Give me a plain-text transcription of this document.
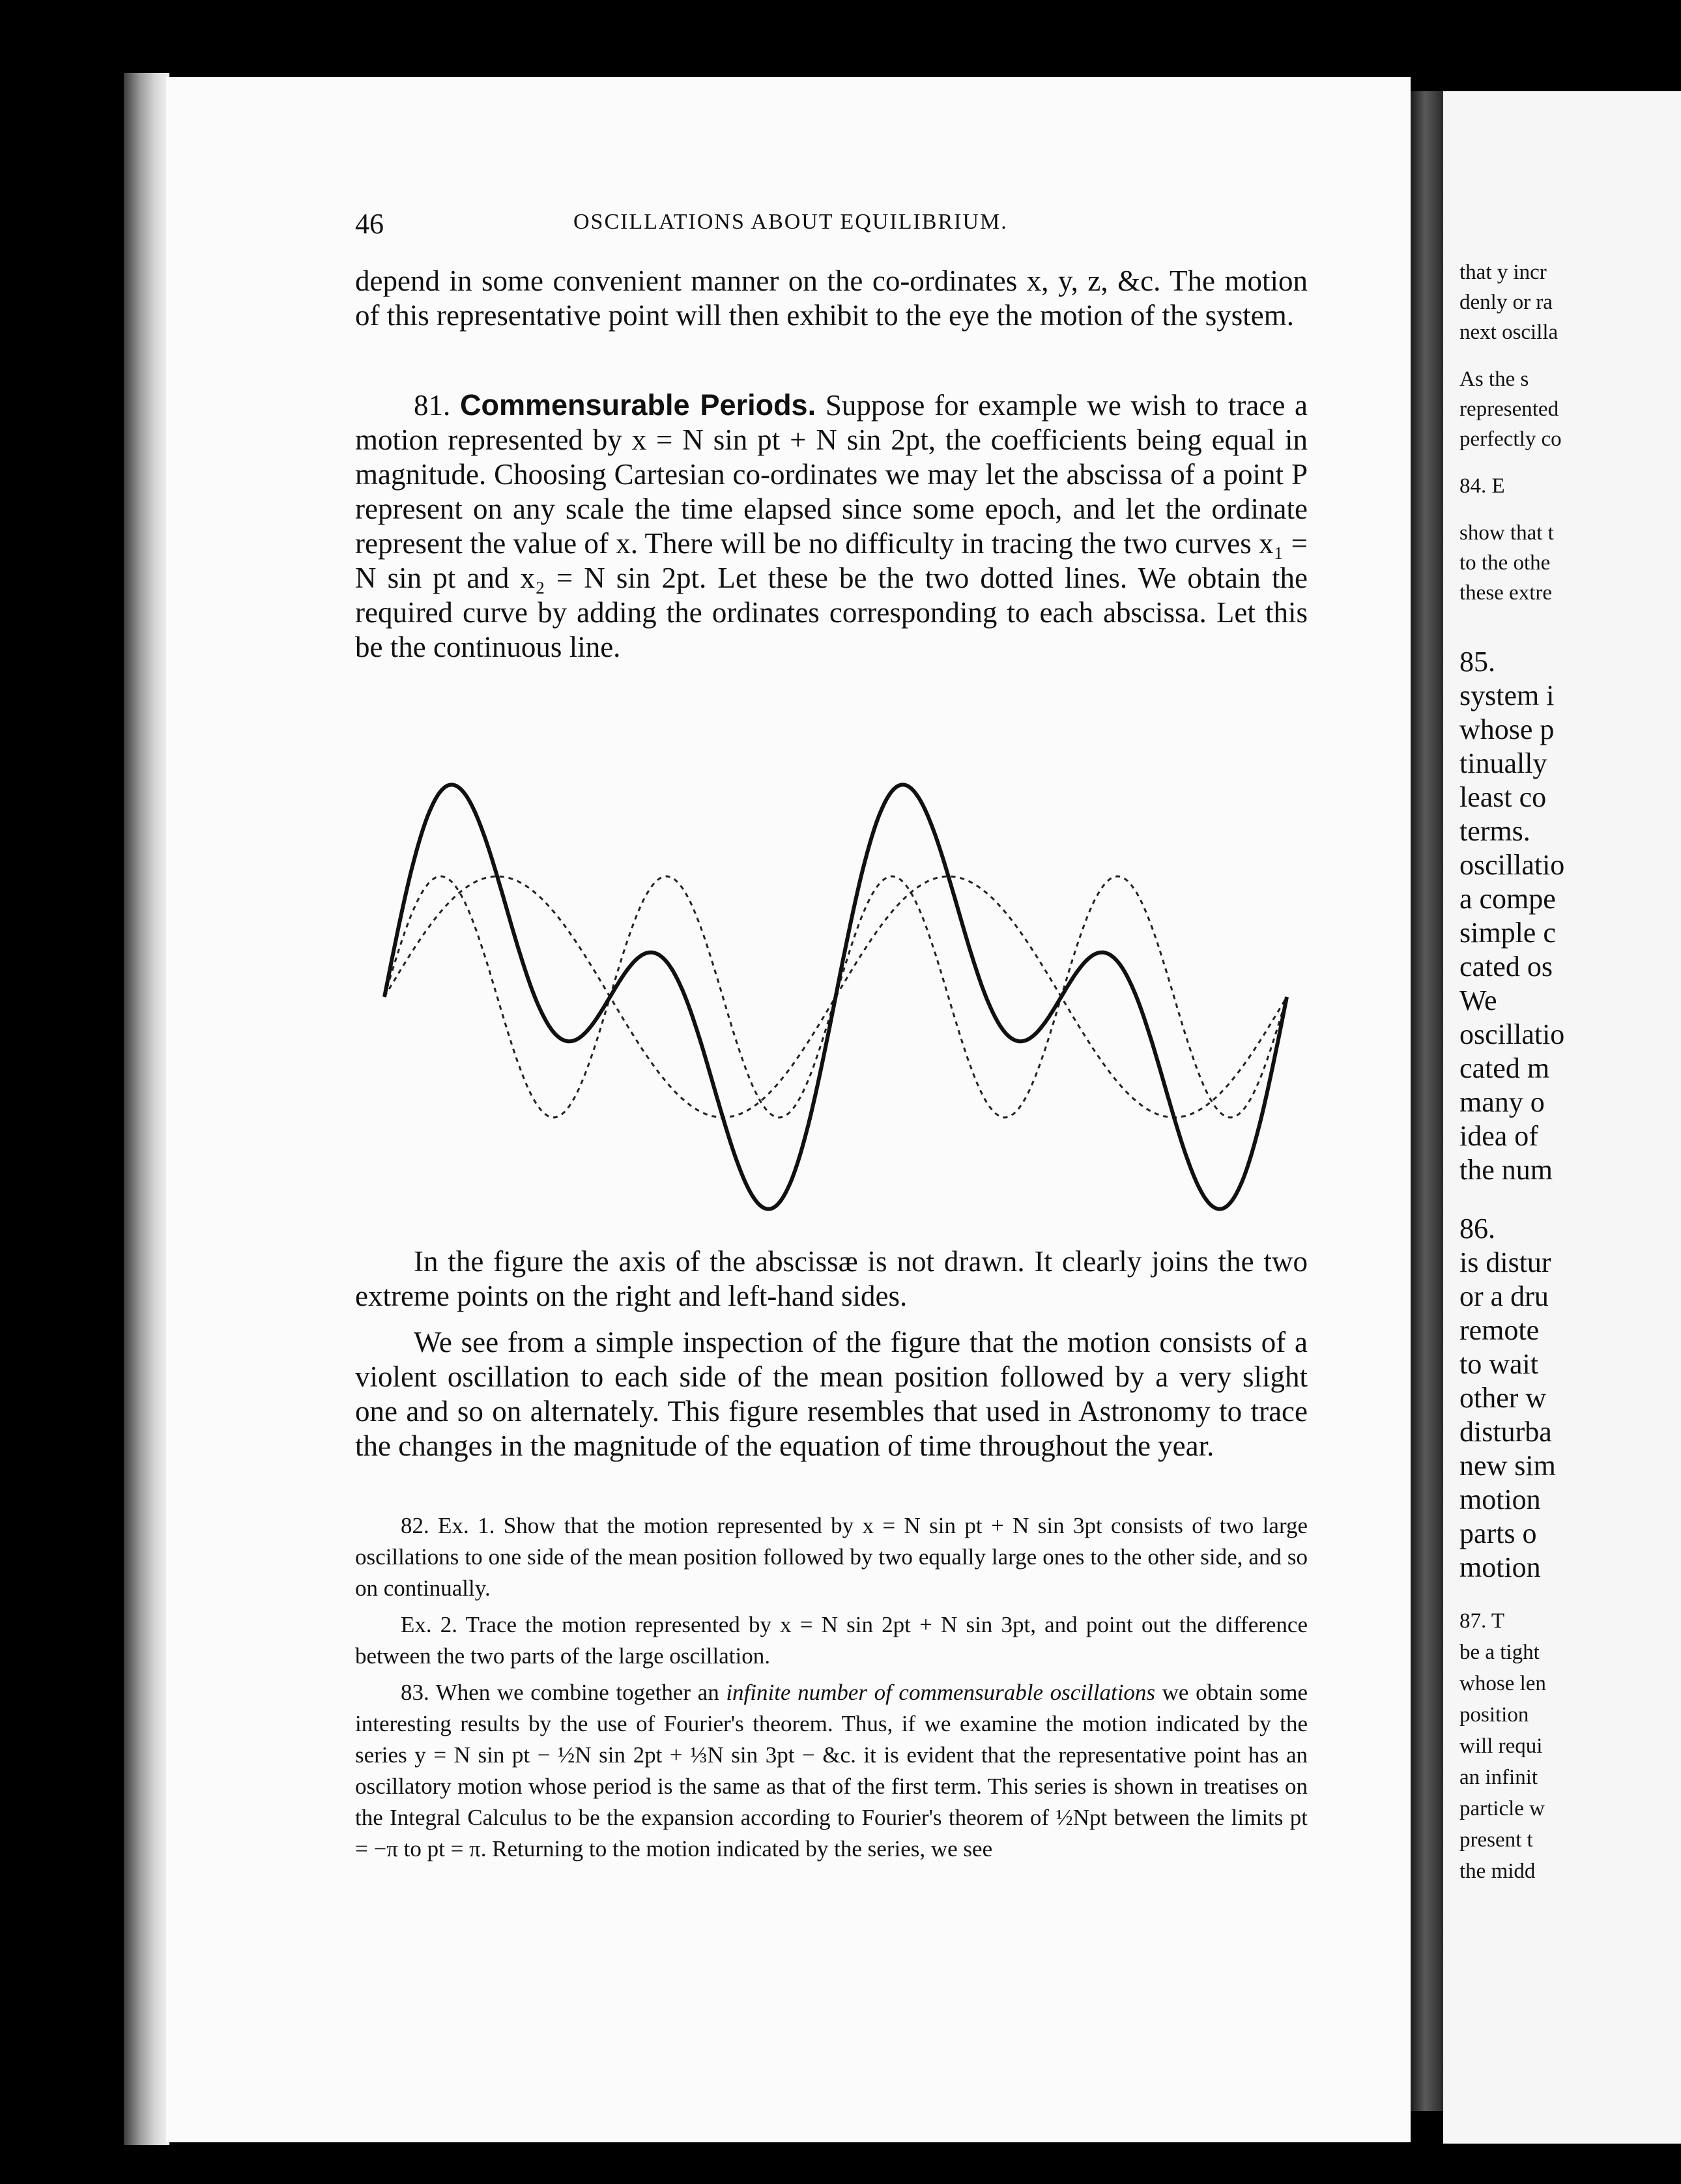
that y incr
denly or ra
next oscilla
As the s
represented
perfectly co
84. E
show that t
to the othe
these extre
85.
system i
whose p
tinually
least co
terms.
oscillatio
a compe
simple c
cated os
We
oscillatio
cated m
many o
idea of
the num
86.
is distur
or a dru
remote
to wait
other w
disturba
new sim
motion
parts o
motion
87. T
be a tight
whose len
position
will requi
an infinit
particle w
present t
the midd
46	OSCILLATIONS ABOUT EQUILIBRIUM.

depend in some convenient manner on the co-ordinates x, y, z, &c. The motion of this representative point will then exhibit to the eye the motion of the system.

81. Commensurable Periods. Suppose for example we wish to trace a motion represented by x = N sin pt + N sin 2pt, the coefficients being equal in magnitude. Choosing Cartesian co-ordinates we may let the abscissa of a point P represent on any scale the time elapsed since some epoch, and let the ordinate represent the value of x. There will be no difficulty in tracing the two curves x₁ = N sin pt and x₂ = N sin 2pt. Let these be the two dotted lines. We obtain the required curve by adding the ordinates corresponding to each abscissa. Let this be the continuous line.

In the figure the axis of the abscissæ is not drawn. It clearly joins the two extreme points on the right and left-hand sides.

We see from a simple inspection of the figure that the motion consists of a violent oscillation to each side of the mean position followed by a very slight one and so on alternately. This figure resembles that used in Astronomy to trace the changes in the magnitude of the equation of time throughout the year.

82. Ex. 1. Show that the motion represented by x = N sin pt + N sin 3pt consists of two large oscillations to one side of the mean position followed by two equally large ones to the other side, and so on continually.

Ex. 2. Trace the motion represented by x = N sin 2pt + N sin 3pt, and point out the difference between the two parts of the large oscillation.

83. When we combine together an infinite number of commensurable oscillations we obtain some interesting results by the use of Fourier's theorem. Thus, if we examine the motion indicated by the series y = N sin pt − ½N sin 2pt + ⅓N sin 3pt − &c. it is evident that the representative point has an oscillatory motion whose period is the same as that of the first term. This series is shown in treatises on the Integral Calculus to be the expansion according to Fourier's theorem of ½Npt between the limits pt = −π to pt = π. Returning to the motion indicated by the series, we see
